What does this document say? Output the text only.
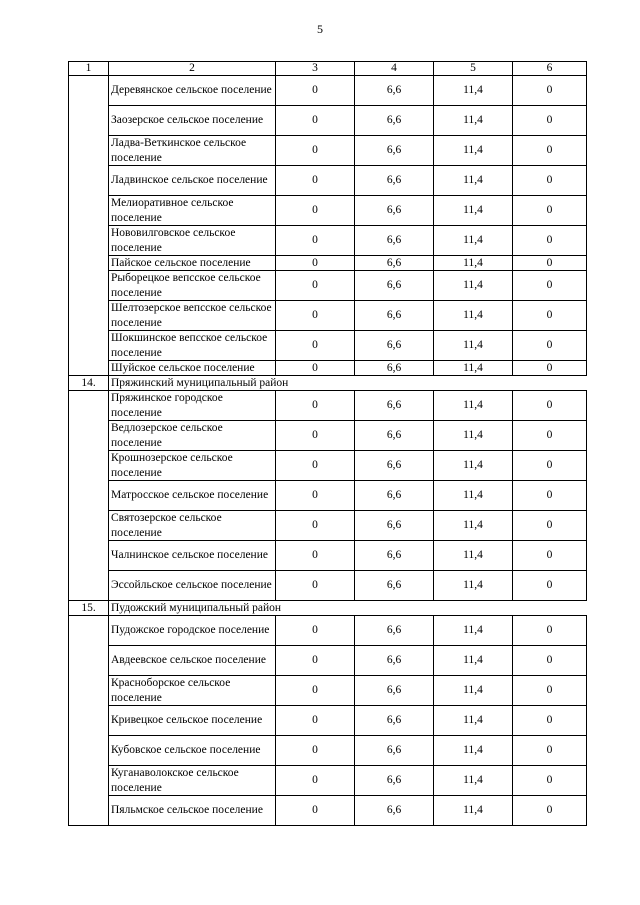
5
1	2	3	4	5	6
	Деревянское сельское поселение	0	6,6	11,4	0
	Заозерское сельское поселение	0	6,6	11,4	0
	Ладва-Веткинское сельское поселение	0	6,6	11,4	0
	Ладвинское сельское поселение	0	6,6	11,4	0
	Мелиоративное сельское поселение	0	6,6	11,4	0
	Нововилговское сельское поселение	0	6,6	11,4	0
	Пайское сельское поселение	0	6,6	11,4	0
	Рыборецкое вепсское сельское поселение	0	6,6	11,4	0
	Шелтозерское вепсское сельское поселение	0	6,6	11,4	0
	Шокшинское вепсское сельское поселение	0	6,6	11,4	0
	Шуйское сельское поселение	0	6,6	11,4	0
14.	Пряжинский муниципальный район				
	Пряжинское городское поселение	0	6,6	11,4	0
	Ведлозерское сельское поселение	0	6,6	11,4	0
	Крошнозерское сельское поселение	0	6,6	11,4	0
	Матросское сельское поселение	0	6,6	11,4	0
	Святозерское сельское поселение	0	6,6	11,4	0
	Чалнинское сельское поселение	0	6,6	11,4	0
	Эссойльское сельское поселение	0	6,6	11,4	0
15.	Пудожский муниципальный район				
	Пудожское городское поселение	0	6,6	11,4	0
	Авдеевское сельское поселение	0	6,6	11,4	0
	Красноборское сельское поселение	0	6,6	11,4	0
	Кривецкое сельское поселение	0	6,6	11,4	0
	Кубовское сельское поселение	0	6,6	11,4	0
	Куганаволокское сельское поселение	0	6,6	11,4	0
	Пяльмское сельское поселение	0	6,6	11,4	0
